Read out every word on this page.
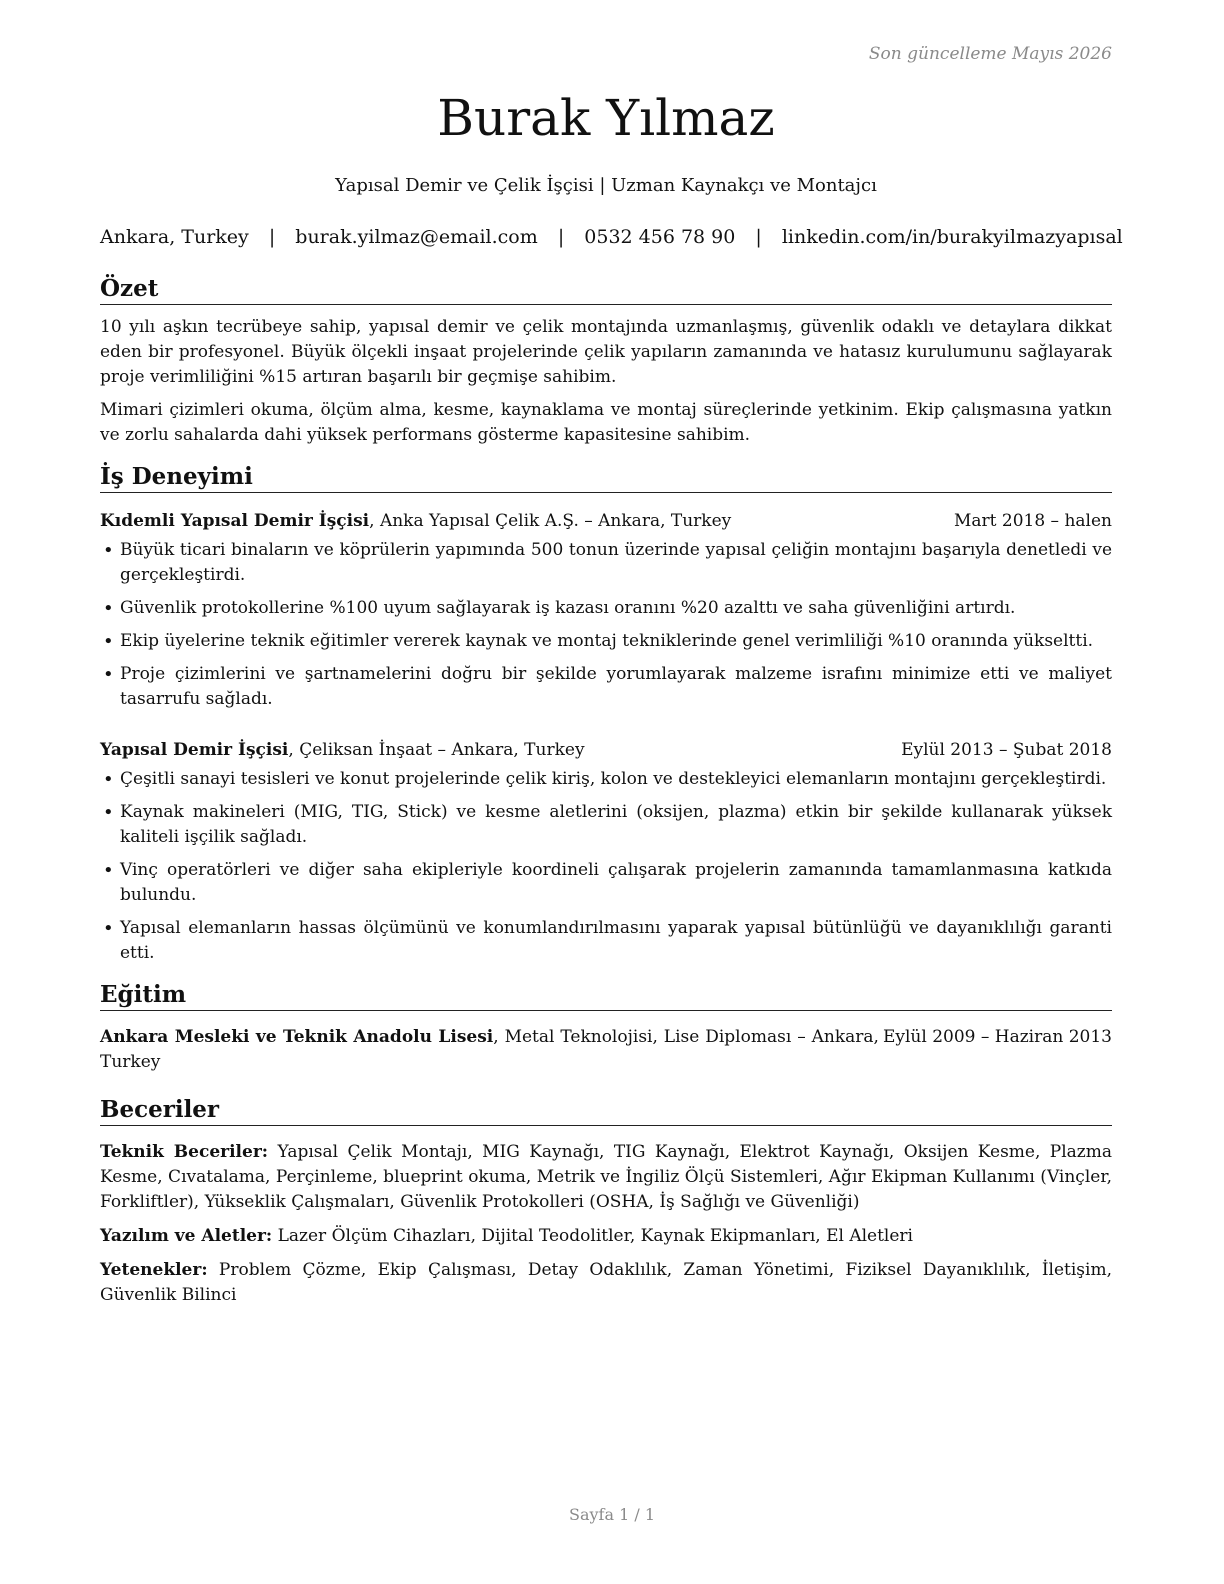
Son güncelleme Mayıs 2026
Burak Yılmaz
Yapısal Demir ve Çelik İşçisi | Uzman Kaynakçı ve Montajcı
Ankara, Turkey | burak.yilmaz@email.com | 0532 456 78 90 | linkedin.com/in/burakyilmazyapısal
Özet

10 yılı aşkın tecrübeye sahip, yapısal demir ve çelik montajında uzmanlaşmış, güvenlik odaklı ve detaylara dikkat eden bir profesyonel. Büyük ölçekli inşaat projelerinde çelik yapıların zamanında ve hatasız kurulumunu sağlayarak proje verimliliğini %15 artıran başarılı bir geçmişe sahibim.

Mimari çizimleri okuma, ölçüm alma, kesme, kaynaklama ve montaj süreçlerinde yetkinim. Ekip çalışmasına yatkın ve zorlu sahalarda dahi yüksek performans gösterme kapasitesine sahibim.

İş Deneyimi
Kıdemli Yapısal Demir İşçisi, Anka Yapısal Çelik A.Ş. – Ankara, Turkey	Mart 2018 – halen
• Büyük ticari binaların ve köprülerin yapımında 500 tonun üzerinde yapısal çeliğin montajını başarıyla denetledi ve gerçekleştirdi.
• Güvenlik protokollerine %100 uyum sağlayarak iş kazası oranını %20 azalttı ve saha güvenliğini artırdı.
• Ekip üyelerine teknik eğitimler vererek kaynak ve montaj tekniklerinde genel verimliliği %10 oranında yükseltti.
• Proje çizimlerini ve şartnamelerini doğru bir şekilde yorumlayarak malzeme israfını minimize etti ve maliyet tasarrufu sağladı.
Yapısal Demir İşçisi, Çeliksan İnşaat – Ankara, Turkey	Eylül 2013 – Şubat 2018
• Çeşitli sanayi tesisleri ve konut projelerinde çelik kiriş, kolon ve destekleyici elemanların montajını gerçekleştirdi.
• Kaynak makineleri (MIG, TIG, Stick) ve kesme aletlerini (oksijen, plazma) etkin bir şekilde kullanarak yüksek kaliteli işçilik sağladı.
• Vinç operatörleri ve diğer saha ekipleriyle koordineli çalışarak projelerin zamanında tamamlanmasına katkıda bulundu.
• Yapısal elemanların hassas ölçümünü ve konumlandırılmasını yaparak yapısal bütünlüğü ve dayanıklılığı garanti etti.
Eğitim
Eylül 2009 – Haziran 2013
Ankara Mesleki ve Teknik Anadolu Lisesi, Metal Teknolojisi, Lise Diploması – Ankara, Turkey
Beceriler
Teknik Beceriler: Yapısal Çelik Montajı, MIG Kaynağı, TIG Kaynağı, Elektrot Kaynağı, Oksijen Kesme, Plazma Kesme, Cıvatalama, Perçinleme, blueprint okuma, Metrik ve İngiliz Ölçü Sistemleri, Ağır Ekipman Kullanımı (Vinçler, Forkliftler), Yükseklik Çalışmaları, Güvenlik Protokolleri (OSHA, İş Sağlığı ve Güvenliği)
Yazılım ve Aletler: Lazer Ölçüm Cihazları, Dijital Teodolitler, Kaynak Ekipmanları, El Aletleri
Yetenekler: Problem Çözme, Ekip Çalışması, Detay Odaklılık, Zaman Yönetimi, Fiziksel Dayanıklılık, İletişim, Güvenlik Bilinci
Sayfa 1 / 1
